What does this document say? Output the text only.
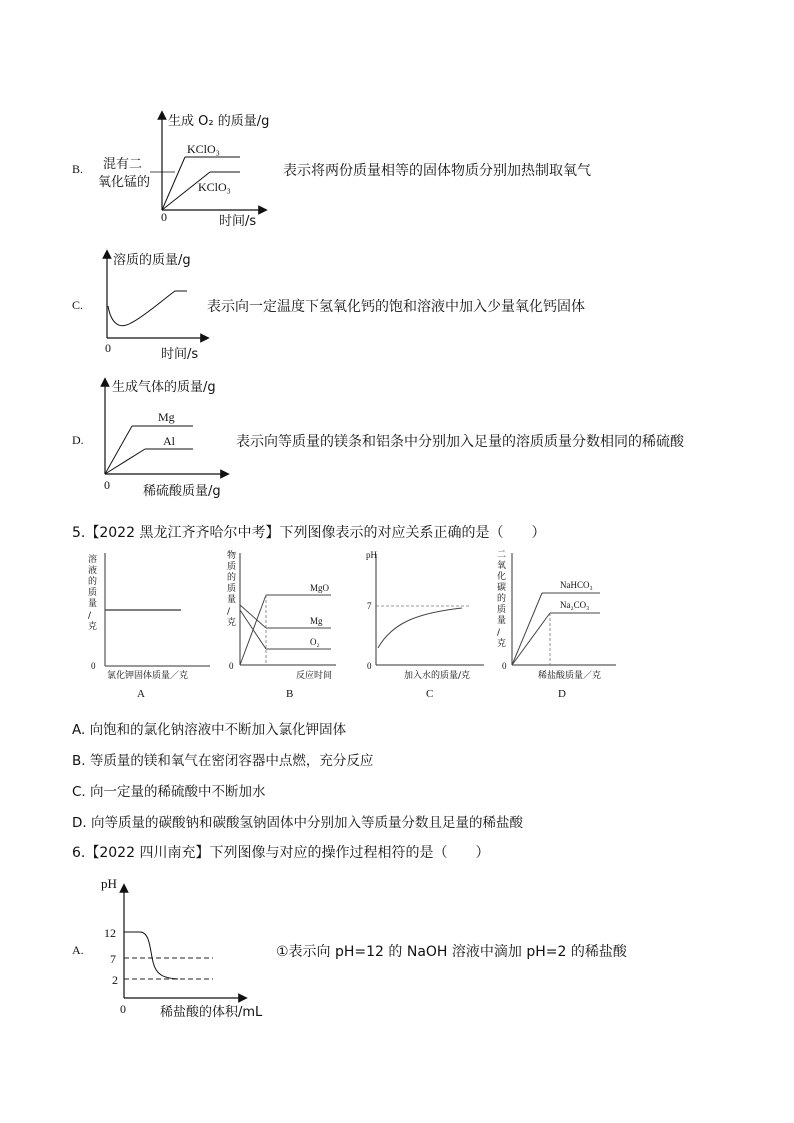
B.
生成 O₂ 的质量/g
KClO₃
KClO₃
混有二
氧化锰的
0	时间/s
表示将两份质量相等的固体物质分别加热制取氧气
C.
溶质的质量/g
0	时间/s
表示向一定温度下氢氧化钙的饱和溶液中加入少量氧化钙固体
D.
生成气体的质量/g
Mg
Al
0	稀硫酸质量/g
表示向等质量的镁条和铝条中分别加入足量的溶质质量分数相同的稀硫酸
5.【2022 黑龙江齐齐哈尔中考】下列图像表示的对应关系正确的是（　　）
溶
液
的
质
量
/
克
0
氯化钾固体质量／克
A
物
质
的
质
量
/
克
MgO
Mg
O₂
0
反应时间
B
pH
7
0
加入水的质量/克
C
二
氧
化
碳
的
质
量
/
克
NaHCO₃
Na₂CO₃
0
稀盐酸质量／克
D
A. 向饱和的氯化钠溶液中不断加入氯化钾固体
B. 等质量的镁和氧气在密闭容器中点燃，充分反应
C. 向一定量的稀硫酸中不断加水
D. 向等质量的碳酸钠和碳酸氢钠固体中分别加入等质量分数且足量的稀盐酸
6.【2022 四川南充】下列图像与对应的操作过程相符的是（　　）
A.
pH
12
7
2
0	稀盐酸的体积/mL
①表示向 pH=12 的 NaOH 溶液中滴加 pH=2 的稀盐酸
